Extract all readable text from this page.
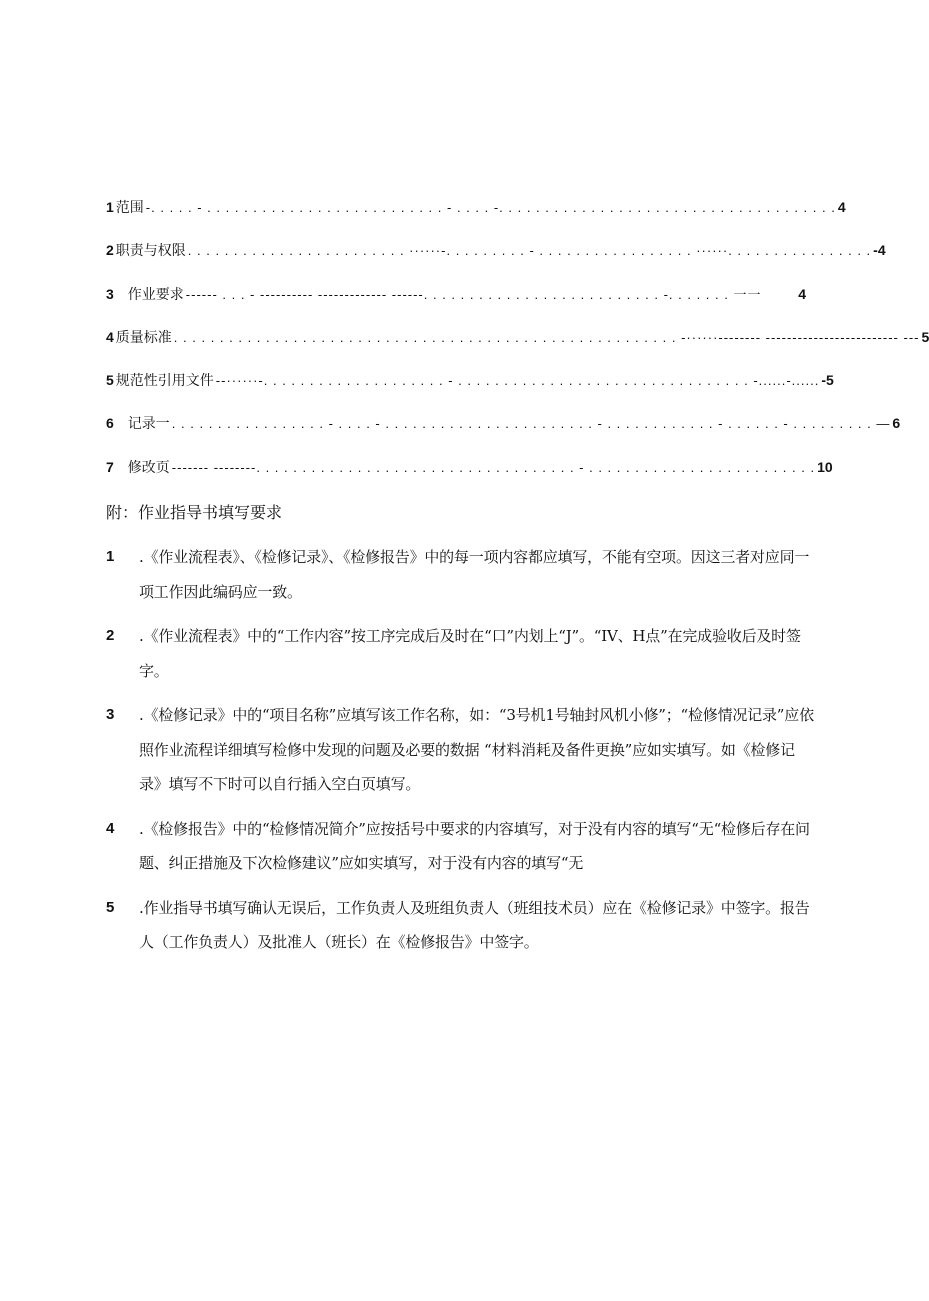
1 范围 -. . . . . - . . . . . . . . . . . . . . . . . . . . . . . . . . - . . . . -. . . . . . . . . . . . . . . . . . . . . . . . . . . . . . . . . . . . . 4
2 职责与权限 . . . . . . . . . . . . . . . . . . . . . . . . ······-. . . . . . . . . - . . . . . . . . . . . . . . . . . ······. . . . . . . . . . . . . . . . -4
3 作业要求 ------ . . . - ---------- ------------- ------. . . . . . . . . . . . . . . . . . . . . . . . . . -. . . . . . . 一一	4
4 质量标准 . . . . . . . . . . . . . . . . . . . . . . . . . . . . . . . . . . . . . . . . . . . . . . . . . . . . . . . -······-------- ------------------------- --- 5
5 规范性引用文件 --······-. . . . . . . . . . . . . . . . . . . . - . . . . . . . . . . . . . . . . . . . . . . . . . . . . . . . . -......-...... -5
6 记录一 . . . . . . . . . . . . . . . . . - . . . . - . . . . . . . . . . . . . . . . . . . . . . . - . . . . . . . . . . . . - . . . . . . - . . . . . . . . . — 6
7 修改页 ------- --------. . . . . . . . . . . . . . . . . . . . . . . . . . . . . . . . . . . - . . . . . . . . . . . . . . . . . . . . . . . . . 10
附：作业指导书填写要求
1 .《作业流程表》、《检修记录》、《检修报告》中的每一项内容都应填写，不能有空项。因这三者对应同一项工作因此编码应一致。
2 .《作业流程表》中的“工作内容”按工序完成后及时在“口”内划上“J”。“IV、H点”在完成验收后及时签字。
3 .《检修记录》中的“项目名称”应填写该工作名称，如：“3号机1号轴封风机小修”；“检修情况记录”应依照作业流程详细填写检修中发现的问题及必要的数据 “材料消耗及备件更换”应如实填写。如《检修记录》填写不下时可以自行插入空白页填写。
4 .《检修报告》中的“检修情况简介”应按括号中要求的内容填写，对于没有内容的填写“无“检修后存在问题、纠正措施及下次检修建议”应如实填写，对于没有内容的填写“无
5 .作业指导书填写确认无误后，工作负责人及班组负责人（班组技术员）应在《检修记录》中签字。报告人（工作负责人）及批准人（班长）在《检修报告》中签字。
